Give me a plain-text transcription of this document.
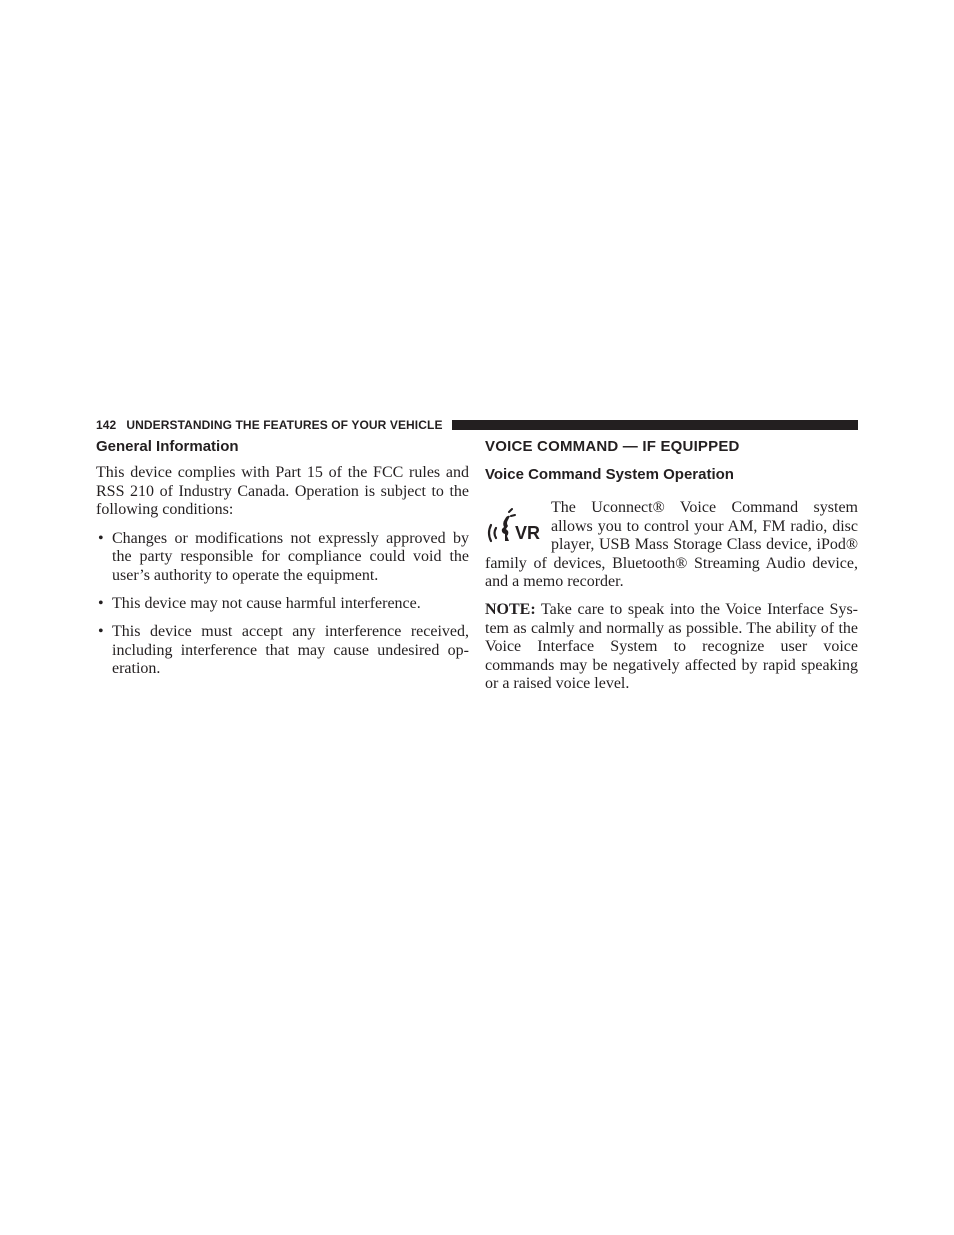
142 UNDERSTANDING THE FEATURES OF YOUR VEHICLE
General Information

This device complies with Part 15 of the FCC rules and RSS 210 of Industry Canada. Operation is subject to the following conditions:

• Changes or modifications not expressly approved by the party responsible for compliance could void the user’s authority to operate the equipment.
• This device may not cause harmful interference.
• This device must accept any interference received, including interference that may cause undesired operation.
VOICE COMMAND — IF EQUIPPED
Voice Command System Operation
VR

The Uconnect® Voice Command system allows you to control your AM, FM radio, disc player, USB Mass Storage Class device, iPod® family of devices, Bluetooth® Streaming Audio device, and a memo recorder.

NOTE: Take care to speak into the Voice Interface System as calmly and normally as possible. The ability of the Voice Interface System to recognize user voice commands may be negatively affected by rapid speaking or a raised voice level.
